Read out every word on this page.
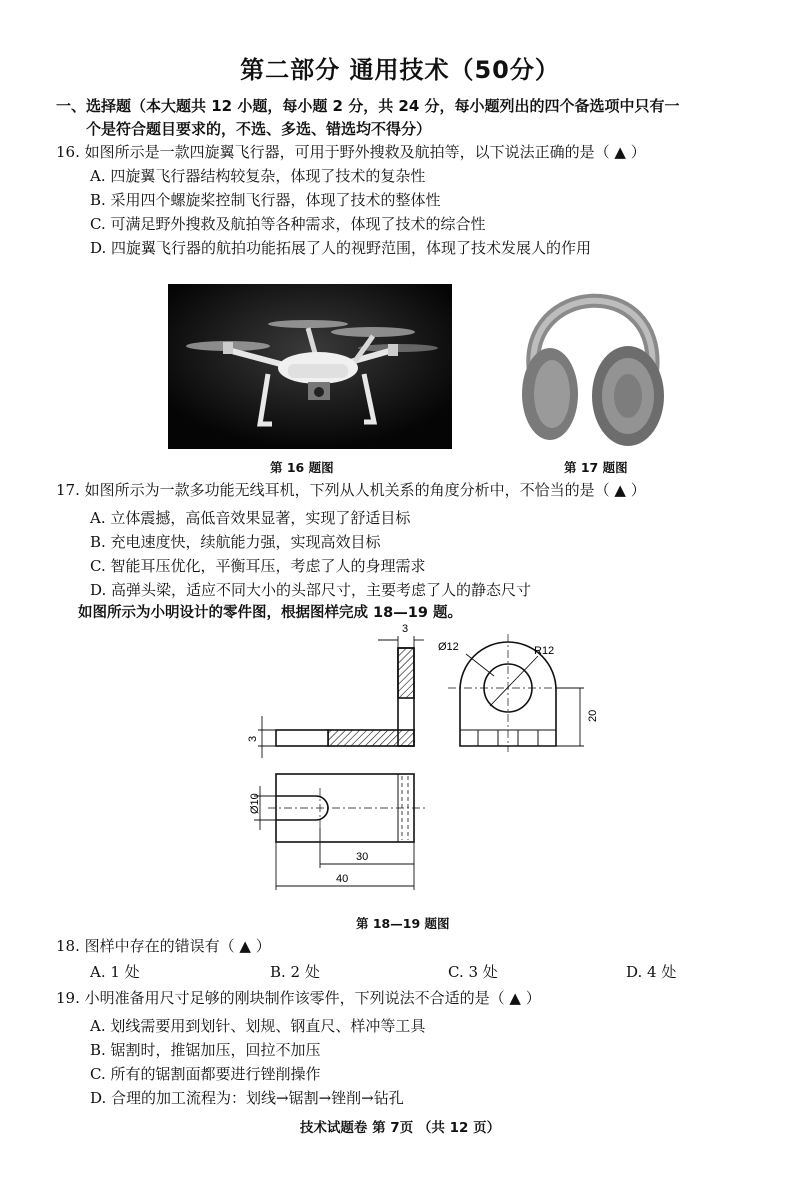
第二部分 通用技术（50分）
一、选择题（本大题共 12 小题，每小题 2 分，共 24 分，每小题列出的四个备选项中只有一
个是符合题目要求的，不选、多选、错选均不得分）
16. 如图所示是一款四旋翼飞行器，可用于野外搜救及航拍等，以下说法正确的是（ ▲ ）
A. 四旋翼飞行器结构较复杂，体现了技术的复杂性
B. 采用四个螺旋桨控制飞行器，体现了技术的整体性
C. 可满足野外搜救及航拍等各种需求，体现了技术的综合性
D. 四旋翼飞行器的航拍功能拓展了人的视野范围，体现了技术发展人的作用
第 16 题图	第 17 题图
17. 如图所示为一款多功能无线耳机，下列从人机关系的角度分析中，不恰当的是（ ▲ ）
A. 立体震撼，高低音效果显著，实现了舒适目标
B. 充电速度快，续航能力强，实现高效目标
C. 智能耳压优化，平衡耳压，考虑了人的身理需求
D. 高弹头梁，适应不同大小的头部尺寸，主要考虑了人的静态尺寸
如图所示为小明设计的零件图，根据图样完成 18—19 题。
3
3
Ø12	R12
20
Ø10
30
40
第 18—19 题图
18. 图样中存在的错误有（ ▲ ）
A. 1 处	B. 2 处	C. 3 处	D. 4 处
19. 小明准备用尺寸足够的刚块制作该零件，下列说法不合适的是（ ▲ ）
A. 划线需要用到划针、划规、钢直尺、样冲等工具
B. 锯割时，推锯加压，回拉不加压
C. 所有的锯割面都要进行锉削操作
D. 合理的加工流程为：划线→锯割→锉削→钻孔
技术试题卷 第 7页 （共 12 页）
